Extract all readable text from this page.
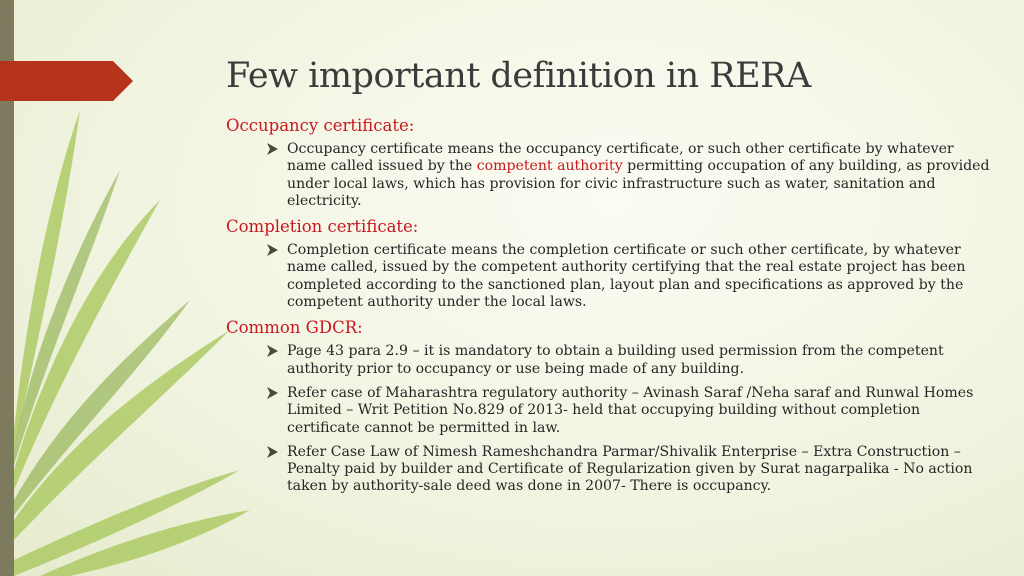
Few important definition in RERA
Occupancy certificate:
Occupancy certificate means the occupancy certificate, or such other certificate by whatever name called issued by the competent authority permitting occupation of any building, as provided under local laws, which has provision for civic infrastructure such as water, sanitation and electricity.
Completion certificate:
Completion certificate means the completion certificate or such other certificate, by whatever name called, issued by the competent authority certifying that the real estate project has been completed according to the sanctioned plan, layout plan and specifications as approved by the competent authority under the local laws.
Common GDCR:
Page 43 para 2.9 – it is mandatory to obtain a building used permission from the competent authority prior to occupancy or use being made of any building.
Refer case of Maharashtra regulatory authority – Avinash Saraf /Neha saraf and Runwal Homes Limited – Writ Petition No.829 of 2013- held that occupying building without completion certificate cannot be permitted in law.
Refer Case Law of Nimesh Rameshchandra Parmar/Shivalik Enterprise – Extra Construction – Penalty paid by builder and Certificate of Regularization given by Surat nagarpalika - No action taken by authority-sale deed was done in 2007- There is occupancy.
